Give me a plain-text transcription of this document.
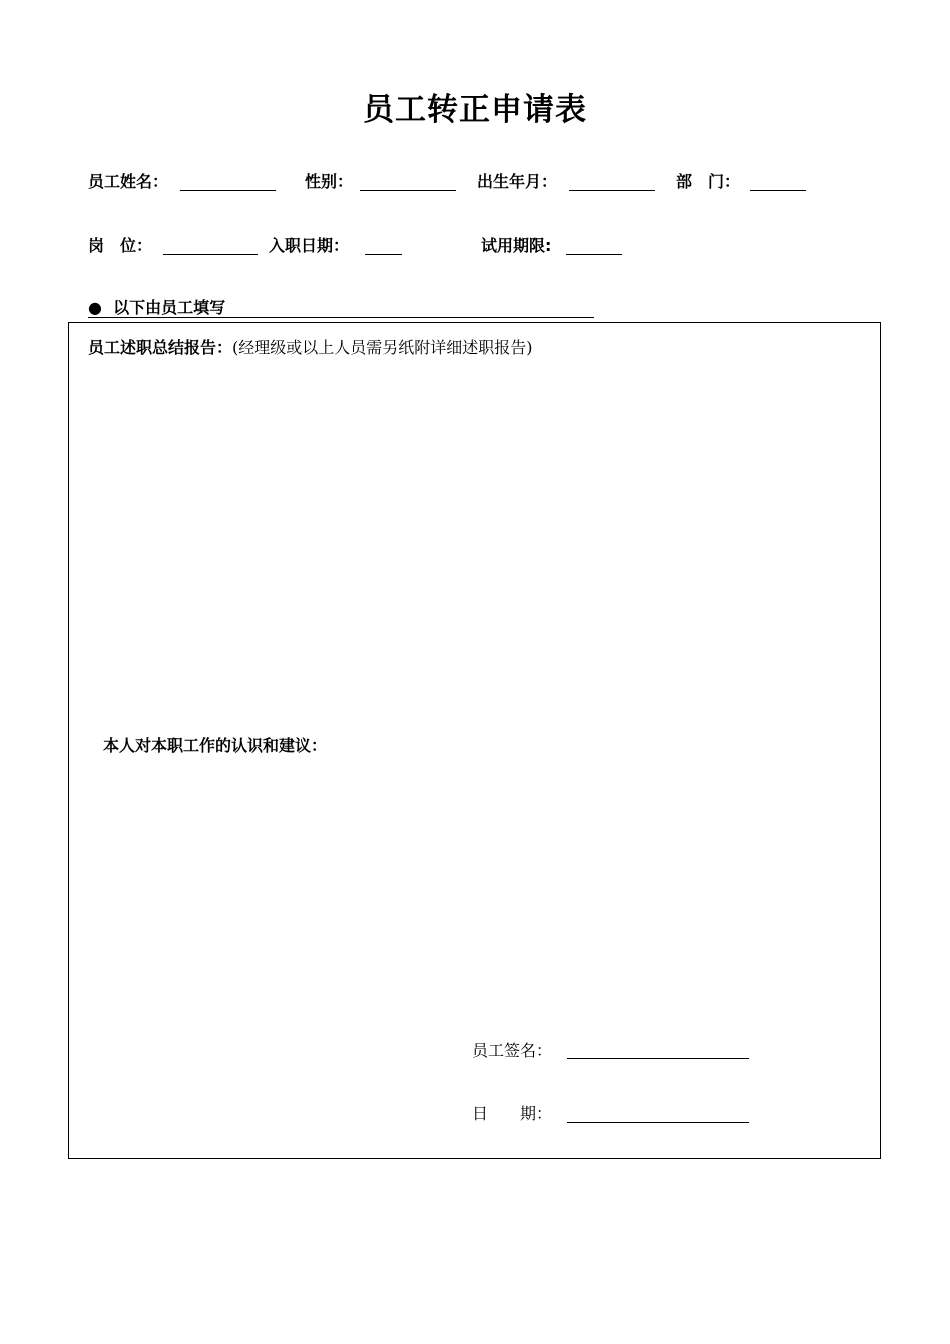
员工转正申请表
员工姓名：	性别：	出生年月：	部　门：
岗　位：	入职日期：	试用期限:
● 以下由员工填写
员工述职总结报告：(经理级或以上人员需另纸附详细述职报告)
本人对本职工作的认识和建议：
员工签名：
日　　期：
